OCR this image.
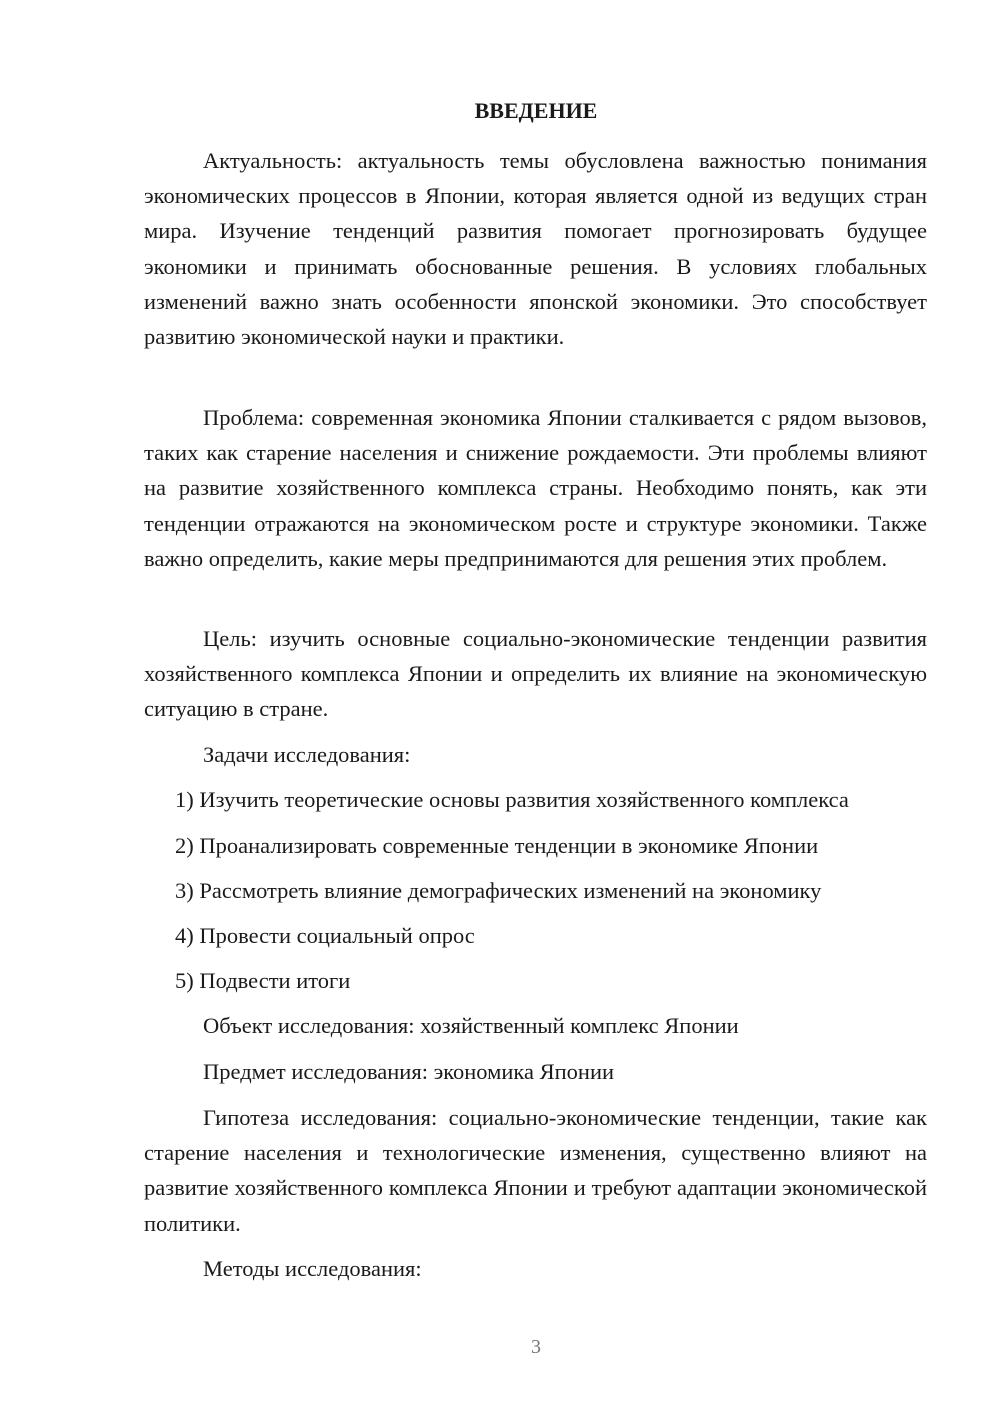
ВВЕДЕНИЕ

Актуальность: актуальность темы обусловлена важностью понимания экономических процессов в Японии, которая является одной из ведущих стран мира. Изучение тенденций развития помогает прогнозировать будущее экономики и принимать обоснованные решения. В условиях глобальных изменений важно знать особенности японской экономики. Это способствует развитию экономической науки и практики.

Проблема: современная экономика Японии сталкивается с рядом вызовов, таких как старение населения и снижение рождаемости. Эти проблемы влияют на развитие хозяйственного комплекса страны. Необходимо понять, как эти тенденции отражаются на экономическом росте и структуре экономики. Также важно определить, какие меры предпринимаются для решения этих проблем.

Цель: изучить основные социально-экономические тенденции развития хозяйственного комплекса Японии и определить их влияние на экономическую ситуацию в стране.

Задачи исследования:

1) Изучить теоретические основы развития хозяйственного комплекса

2) Проанализировать современные тенденции в экономике Японии

3) Рассмотреть влияние демографических изменений на экономику

4) Провести социальный опрос

5) Подвести итоги

Объект исследования: хозяйственный комплекс Японии

Предмет исследования: экономика Японии

Гипотеза исследования: социально-экономические тенденции, такие как старение населения и технологические изменения, существенно влияют на развитие хозяйственного комплекса Японии и требуют адаптации экономической политики.

Методы исследования:

3
